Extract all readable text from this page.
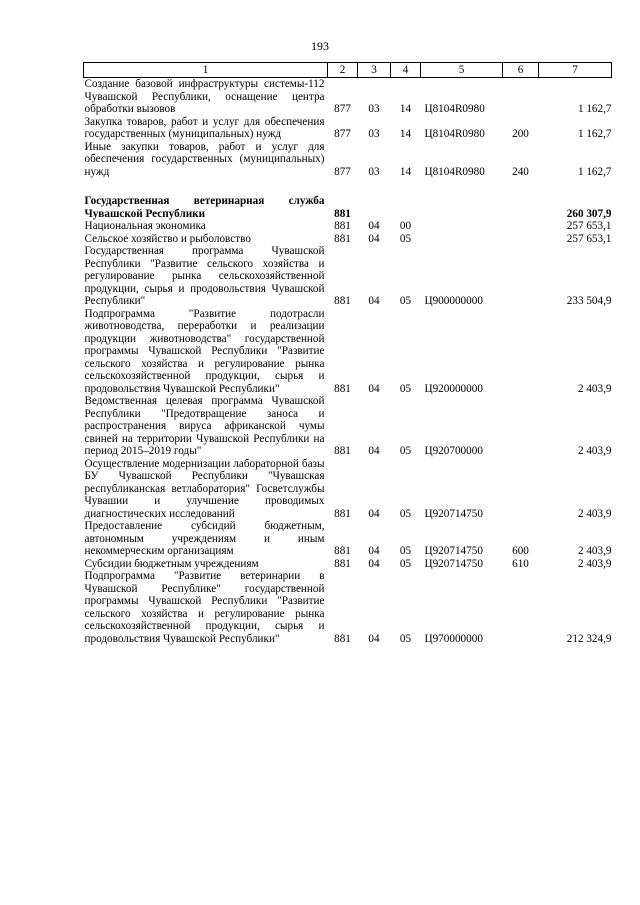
193
1	2	3	4	5	6	7
Создание базовой инфраструктуры системы-112 Чувашской Республики, оснащение центра обработки вызовов	877	03	14	Ц8104R0980		1 162,7
Закупка товаров, работ и услуг для обеспечения государственных (муниципальных) нужд	877	03	14	Ц8104R0980	200	1 162,7
Иные закупки товаров, работ и услуг для обеспечения государственных (муниципальных) нужд	877	03	14	Ц8104R0980	240	1 162,7

Государственная ветеринарная служба Чувашской Республики	881					260 307,9
Национальная экономика	881	04	00			257 653,1
Сельское хозяйство и рыболовство	881	04	05			257 653,1
Государственная программа Чувашской Республики "Развитие сельского хозяйства и регулирование рынка сельскохозяйственной продукции, сырья и продовольствия Чувашской Республики"	881	04	05	Ц900000000		233 504,9
Подпрограмма "Развитие подотрасли животноводства, переработки и реализации продукции животноводства" государственной программы Чувашской Республики "Развитие сельского хозяйства и регулирование рынка сельскохозяйственной продукции, сырья и продовольствия Чувашской Республики"	881	04	05	Ц920000000		2 403,9
Ведомственная целевая программа Чувашской Республики "Предотвращение заноса и распространения вируса африканской чумы свиней на территории Чувашской Республики на период 2015–2019 годы"	881	04	05	Ц920700000		2 403,9
Осуществление модернизации лабораторной базы БУ Чувашской Республики "Чувашская республиканская ветлаборатория" Госветслужбы Чувашии и улучшение проводимых диагностических исследований	881	04	05	Ц920714750		2 403,9
Предоставление субсидий бюджетным, автономным учреждениям и иным некоммерческим организациям	881	04	05	Ц920714750	600	2 403,9
Субсидии бюджетным учреждениям	881	04	05	Ц920714750	610	2 403,9
Подпрограмма "Развитие ветеринарии в Чувашской Республике" государственной программы Чувашской Республики "Развитие сельского хозяйства и регулирование рынка сельскохозяйственной продукции, сырья и продовольствия Чувашской Республики"	881	04	05	Ц970000000		212 324,9
